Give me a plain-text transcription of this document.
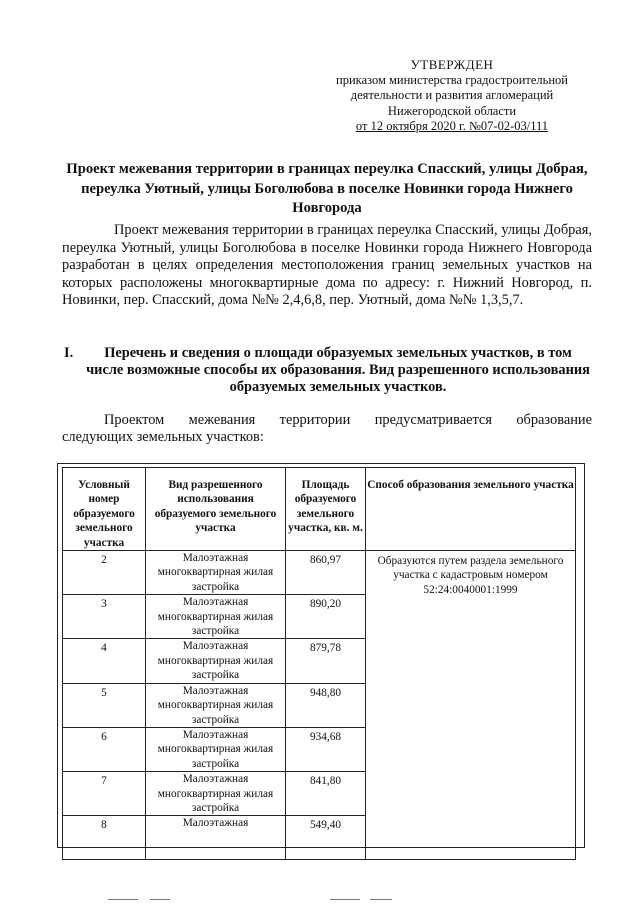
УТВЕРЖДЕН
приказом министерства градостроительной
деятельности и развития агломераций
Нижегородской области
от 12 октября 2020 г. №07-02-03/111
Проект межевания территории в границах переулка Спасский, улицы Добрая, переулка Уютный, улицы Боголюбова в поселке Новинки города Нижнего Новгорода

Проект межевания территории в границах переулка Спасский, улицы Добрая, переулка Уютный, улицы Боголюбова в поселке Новинки города Нижнего Новгорода разработан в целях определения местоположения границ земельных участков на которых расположены многоквартирные дома по адресу: г. Нижний Новгород, п. Новинки, пер. Спасский, дома №№ 2,4,6,8, пер. Уютный, дома №№ 1,3,5,7.

I.	Перечень и сведения о площади образуемых земельных участков, в том числе возможные способы их образования. Вид разрешенного использования образуемых земельных участков.

Проектом межевания территории предусматривается образование
следующих земельных участков:

Условный номер образуемого земельного участка	Вид разрешенного использования образуемого земельного участка	Площадь образуемого земельного участка, кв. м.	Способ образования земельного участка
2	Малоэтажная многоквартирная жилая застройка	860,97	Образуются путем раздела земельного участка с кадастровым номером 52:24:0040001:1999
3	Малоэтажная многоквартирная жилая застройка	890,20	
4	Малоэтажная многоквартирная жилая застройка	879,78	
5	Малоэтажная многоквартирная жилая застройка	948,80	
6	Малоэтажная многоквартирная жилая застройка	934,68	
7	Малоэтажная многоквартирная жилая застройка	841,80	
8	Малоэтажная	549,40	
